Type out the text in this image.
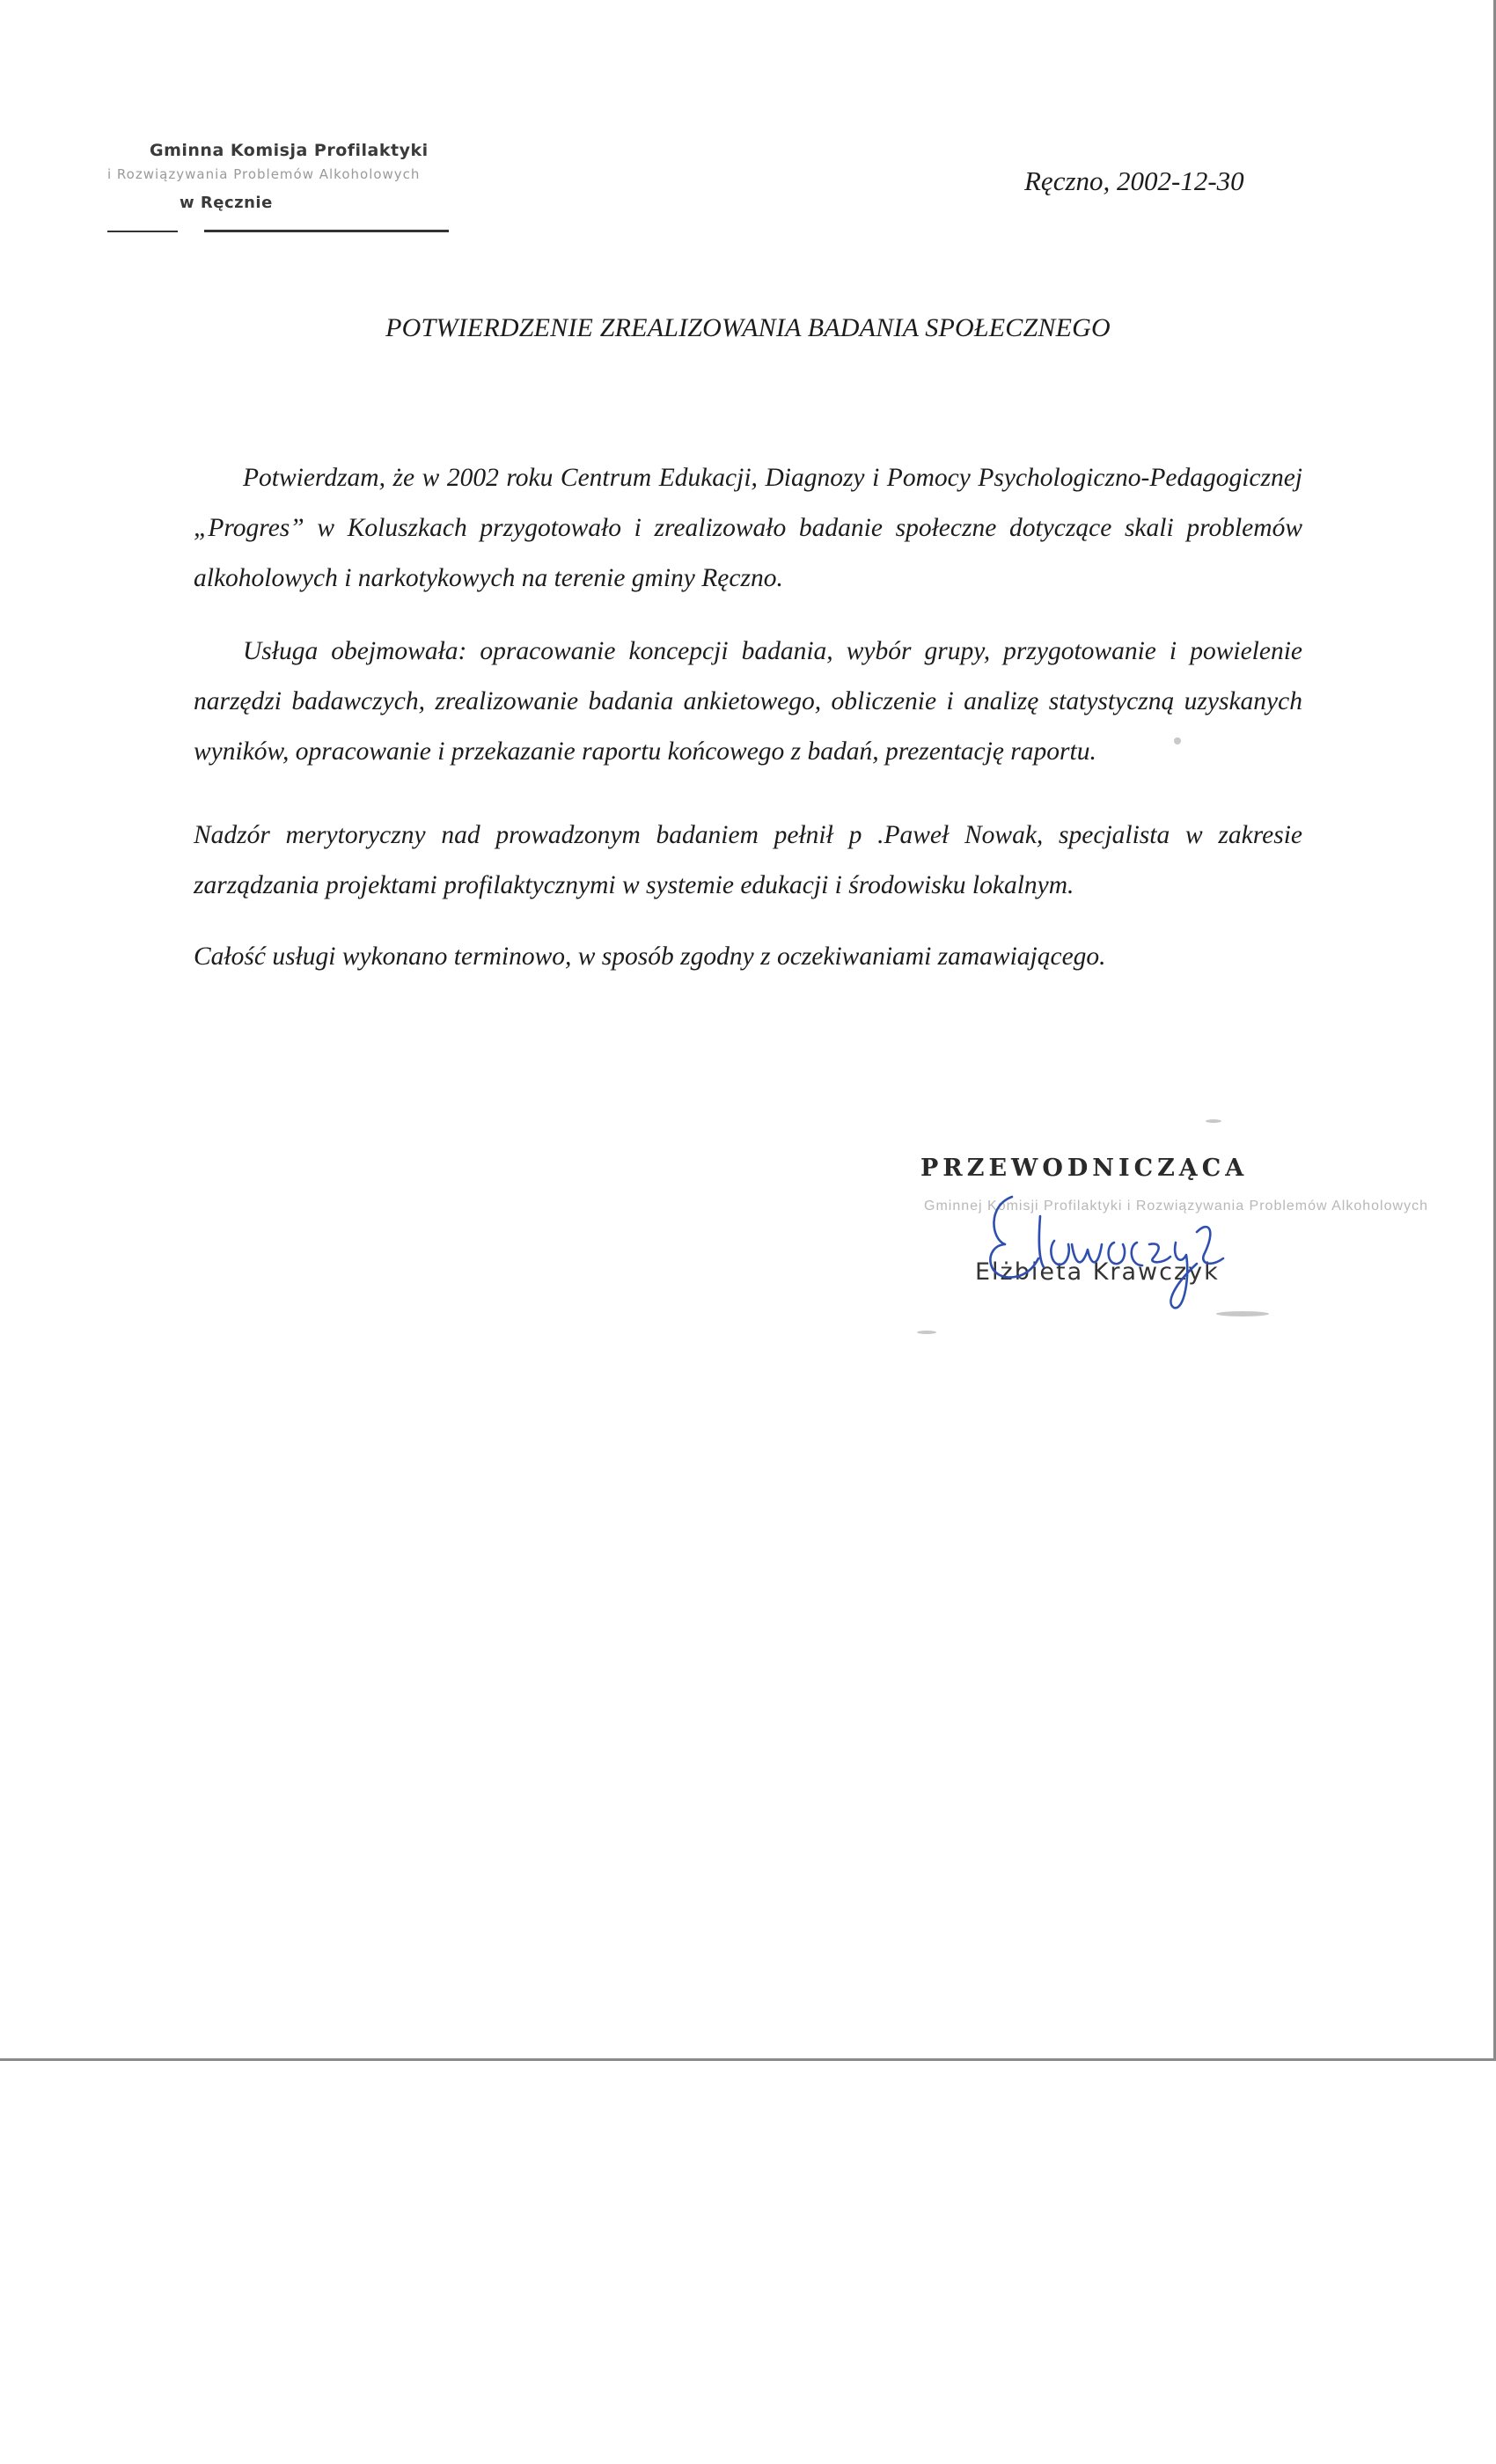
Gminna Komisja Profilaktyki
i Rozwiązywania Problemów Alkoholowych
w Ręcznie
Ręczno, 2002-12-30
POTWIERDZENIE ZREALIZOWANIA BADANIA SPOŁECZNEGO

Potwierdzam, że w 2002 roku Centrum Edukacji, Diagnozy i Pomocy Psychologiczno-Pedagogicznej „Progres” w Koluszkach przygotowało i zrealizowało badanie społeczne dotyczące skali problemów alkoholowych i narkotykowych na terenie gminy Ręczno.

Usługa obejmowała: opracowanie koncepcji badania, wybór grupy, przygotowanie i powielenie narzędzi badawczych, zrealizowanie badania ankietowego, obliczenie i analizę statystyczną uzyskanych wyników, opracowanie i przekazanie raportu końcowego z badań, prezentację raportu.

Nadzór merytoryczny nad prowadzonym badaniem pełnił p .Paweł Nowak, specjalista w zakresie zarządzania projektami profilaktycznymi w systemie edukacji i środowisku lokalnym.

Całość usługi wykonano terminowo, w sposób zgodny z oczekiwaniami zamawiającego.

PRZEWODNICZĄCA
Gminnej Komisji Profilaktyki i Rozwiązywania Problemów Alkoholowych
Elżbieta Krawczyk
